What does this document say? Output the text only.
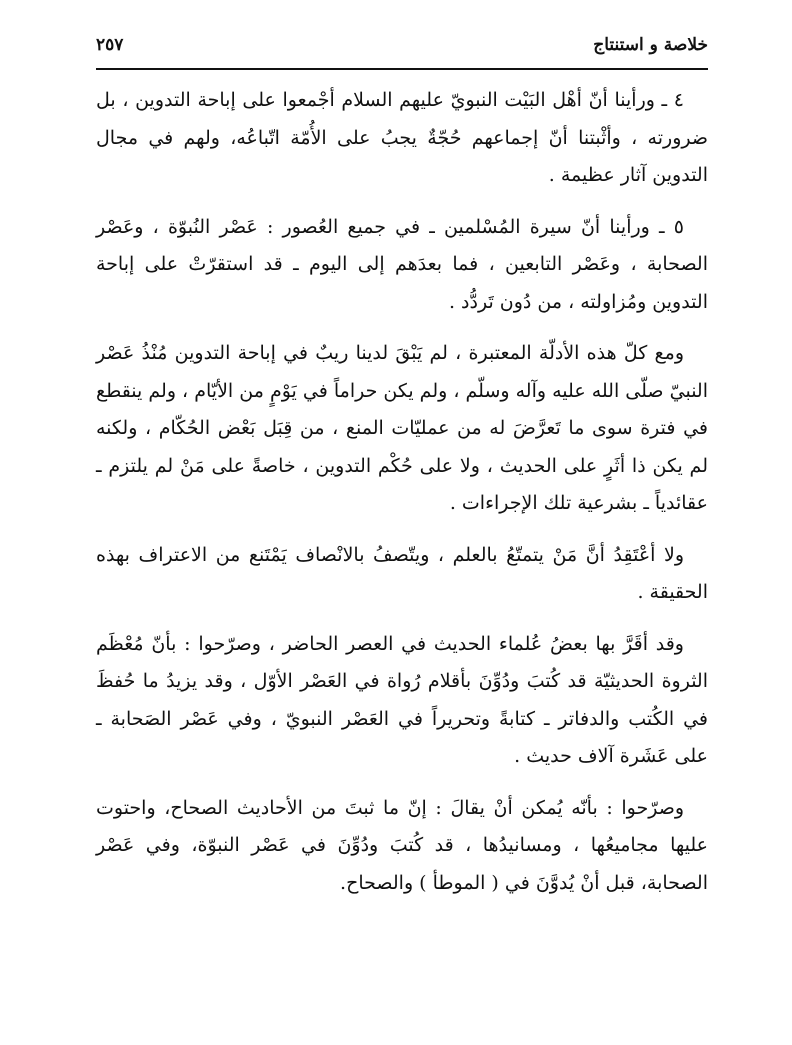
خلاصة و استنتاج
٢٥٧

٤ ـ ورأينا أنّ أهْل البَيْت النبويّ عليهم السلام أجْمعوا على إباحة التدوين ، بل ضرورته ، وأثْبتنا أنّ إجماعهم حُجّةٌ يجبُ على الأُمّة اتّباعُه، ولهم في مجال التدوين آثار عظيمة .

٥ ـ ورأينا أنّ سيرة المُسْلمين ـ في جميع العُصور : عَصْر النُبوّة ، وعَصْر الصحابة ، وعَصْر التابعين ، فما بعدَهم إلى اليوم ـ قد استقرّتْ على إباحة التدوين ومُزاولته ، من دُون تَردُّد .

ومع كلّ هذه الأدلّة المعتبرة ، لم يَبْقَ لدينا ريبٌ في إباحة التدوين مُنْذُ عَصْر النبيّ صلّى الله عليه وآله وسلّم ، ولم يكن حراماً في يَوْمٍ من الأيّام ، ولم ينقطع في فترة سوى ما تَعرَّضَ له من عمليّات المنع ، من قِبَل بَعْض الحُكّام ، ولكنه لم يكن ذا أثَرٍ على الحديث ، ولا على حُكْم التدوين ، خاصةً على مَنْ لم يلتزم ـ عقائدياً ـ بشرعية تلك الإجراءات .

ولا أعْتَقِدُ أنَّ مَنْ يتمتّعُ بالعلم ، ويتّصفُ بالانْصاف يَمْتَنع من الاعتراف بهذه الحقيقة .

وقد أقَرَّ بها بعضُ عُلماء الحديث في العصر الحاضر ، وصرّحوا : بأنّ مُعْظَم الثروة الحديثيّة قد كُتبَ ودُوِّنَ بأقلام رُواة في العَصْر الأوّل ، وقد يزيدُ ما حُفظَ في الكُتب والدفاتر ـ كتابةً وتحريراً في العَصْر النبويّ ، وفي عَصْر الصَحابة ـ على عَشَرة آلاف حديث .

وصرّحوا : بأنّه يُمكن أنْ يقالَ : إنّ ما ثبتَ من الأحاديث الصحاح، واحتوت عليها مجاميعُها ، ومسانيدُها ، قد كُتبَ ودُوِّنَ في عَصْر النبوّة، وفي عَصْر الصحابة، قبل أنْ يُدوَّنَ في ( الموطأ ) والصحاح.
